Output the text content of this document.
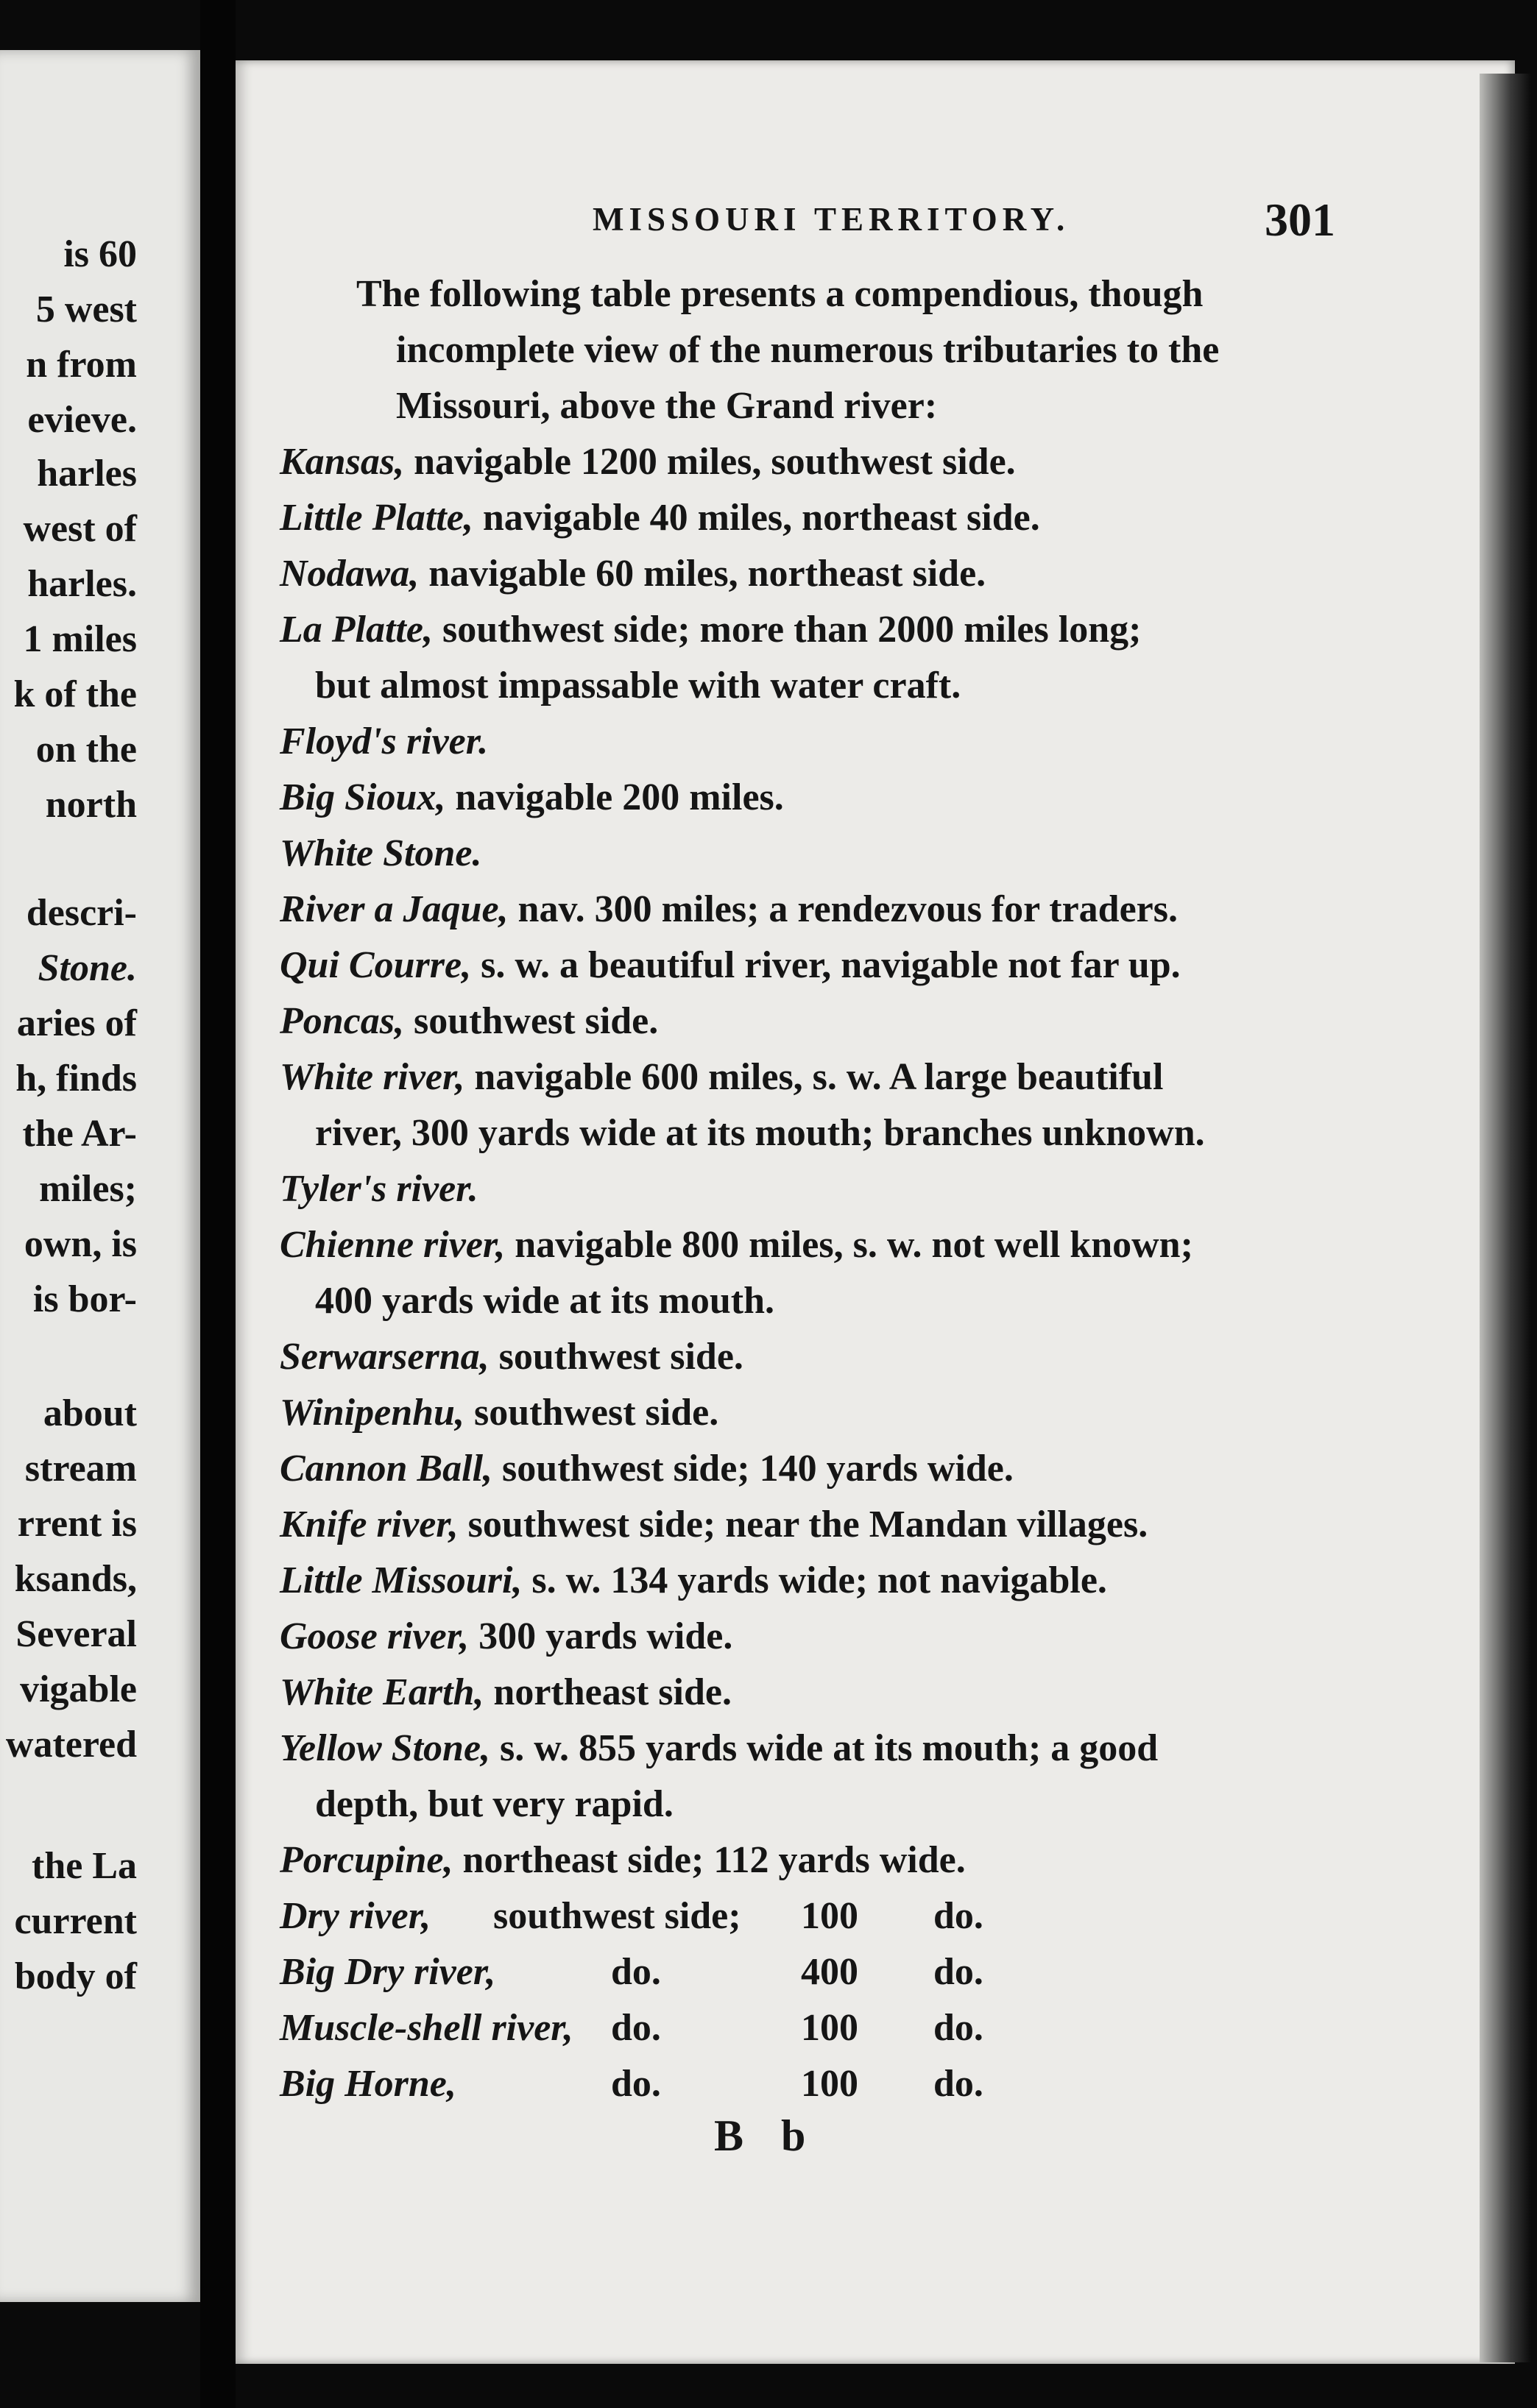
is 60
5 west
n from
evieve.
harles
west of
harles.
1 miles
k of the
on the
north
descri-
Stone.
aries of
h, finds
the Ar-
miles;
own, is
is bor-
about
stream
rrent is
ksands,
Several
vigable
watered
the La
current
body of
MISSOURI TERRITORY.	301
The following table presents a compendious, though
incomplete view of the numerous tributaries to the
Missouri, above the Grand river:
Kansas, navigable 1200 miles, southwest side.
Little Platte, navigable 40 miles, northeast side.
Nodawa, navigable 60 miles, northeast side.
La Platte, southwest side; more than 2000 miles long;
but almost impassable with water craft.
Floyd's river.
Big Sioux, navigable 200 miles.
White Stone.
River a Jaque, nav. 300 miles; a rendezvous for traders.
Qui Courre, s. w. a beautiful river, navigable not far up.
Poncas, southwest side.
White river, navigable 600 miles, s. w. A large beautiful
river, 300 yards wide at its mouth; branches unknown.
Tyler's river.
Chienne river, navigable 800 miles, s. w. not well known;
400 yards wide at its mouth.
Serwarserna, southwest side.
Winipenhu, southwest side.
Cannon Ball, southwest side; 140 yards wide.
Knife river, southwest side; near the Mandan villages.
Little Missouri, s. w. 134 yards wide; not navigable.
Goose river, 300 yards wide.
White Earth, northeast side.
Yellow Stone, s. w. 855 yards wide at its mouth; a good
depth, but very rapid.
Porcupine, northeast side; 112 yards wide.
Dry river, southwest side; 100 do.
Big Dry river,	do.	400 do.
Muscle-shell river, do.	100 do.
Big Horne,	do.	100 do.
B b
